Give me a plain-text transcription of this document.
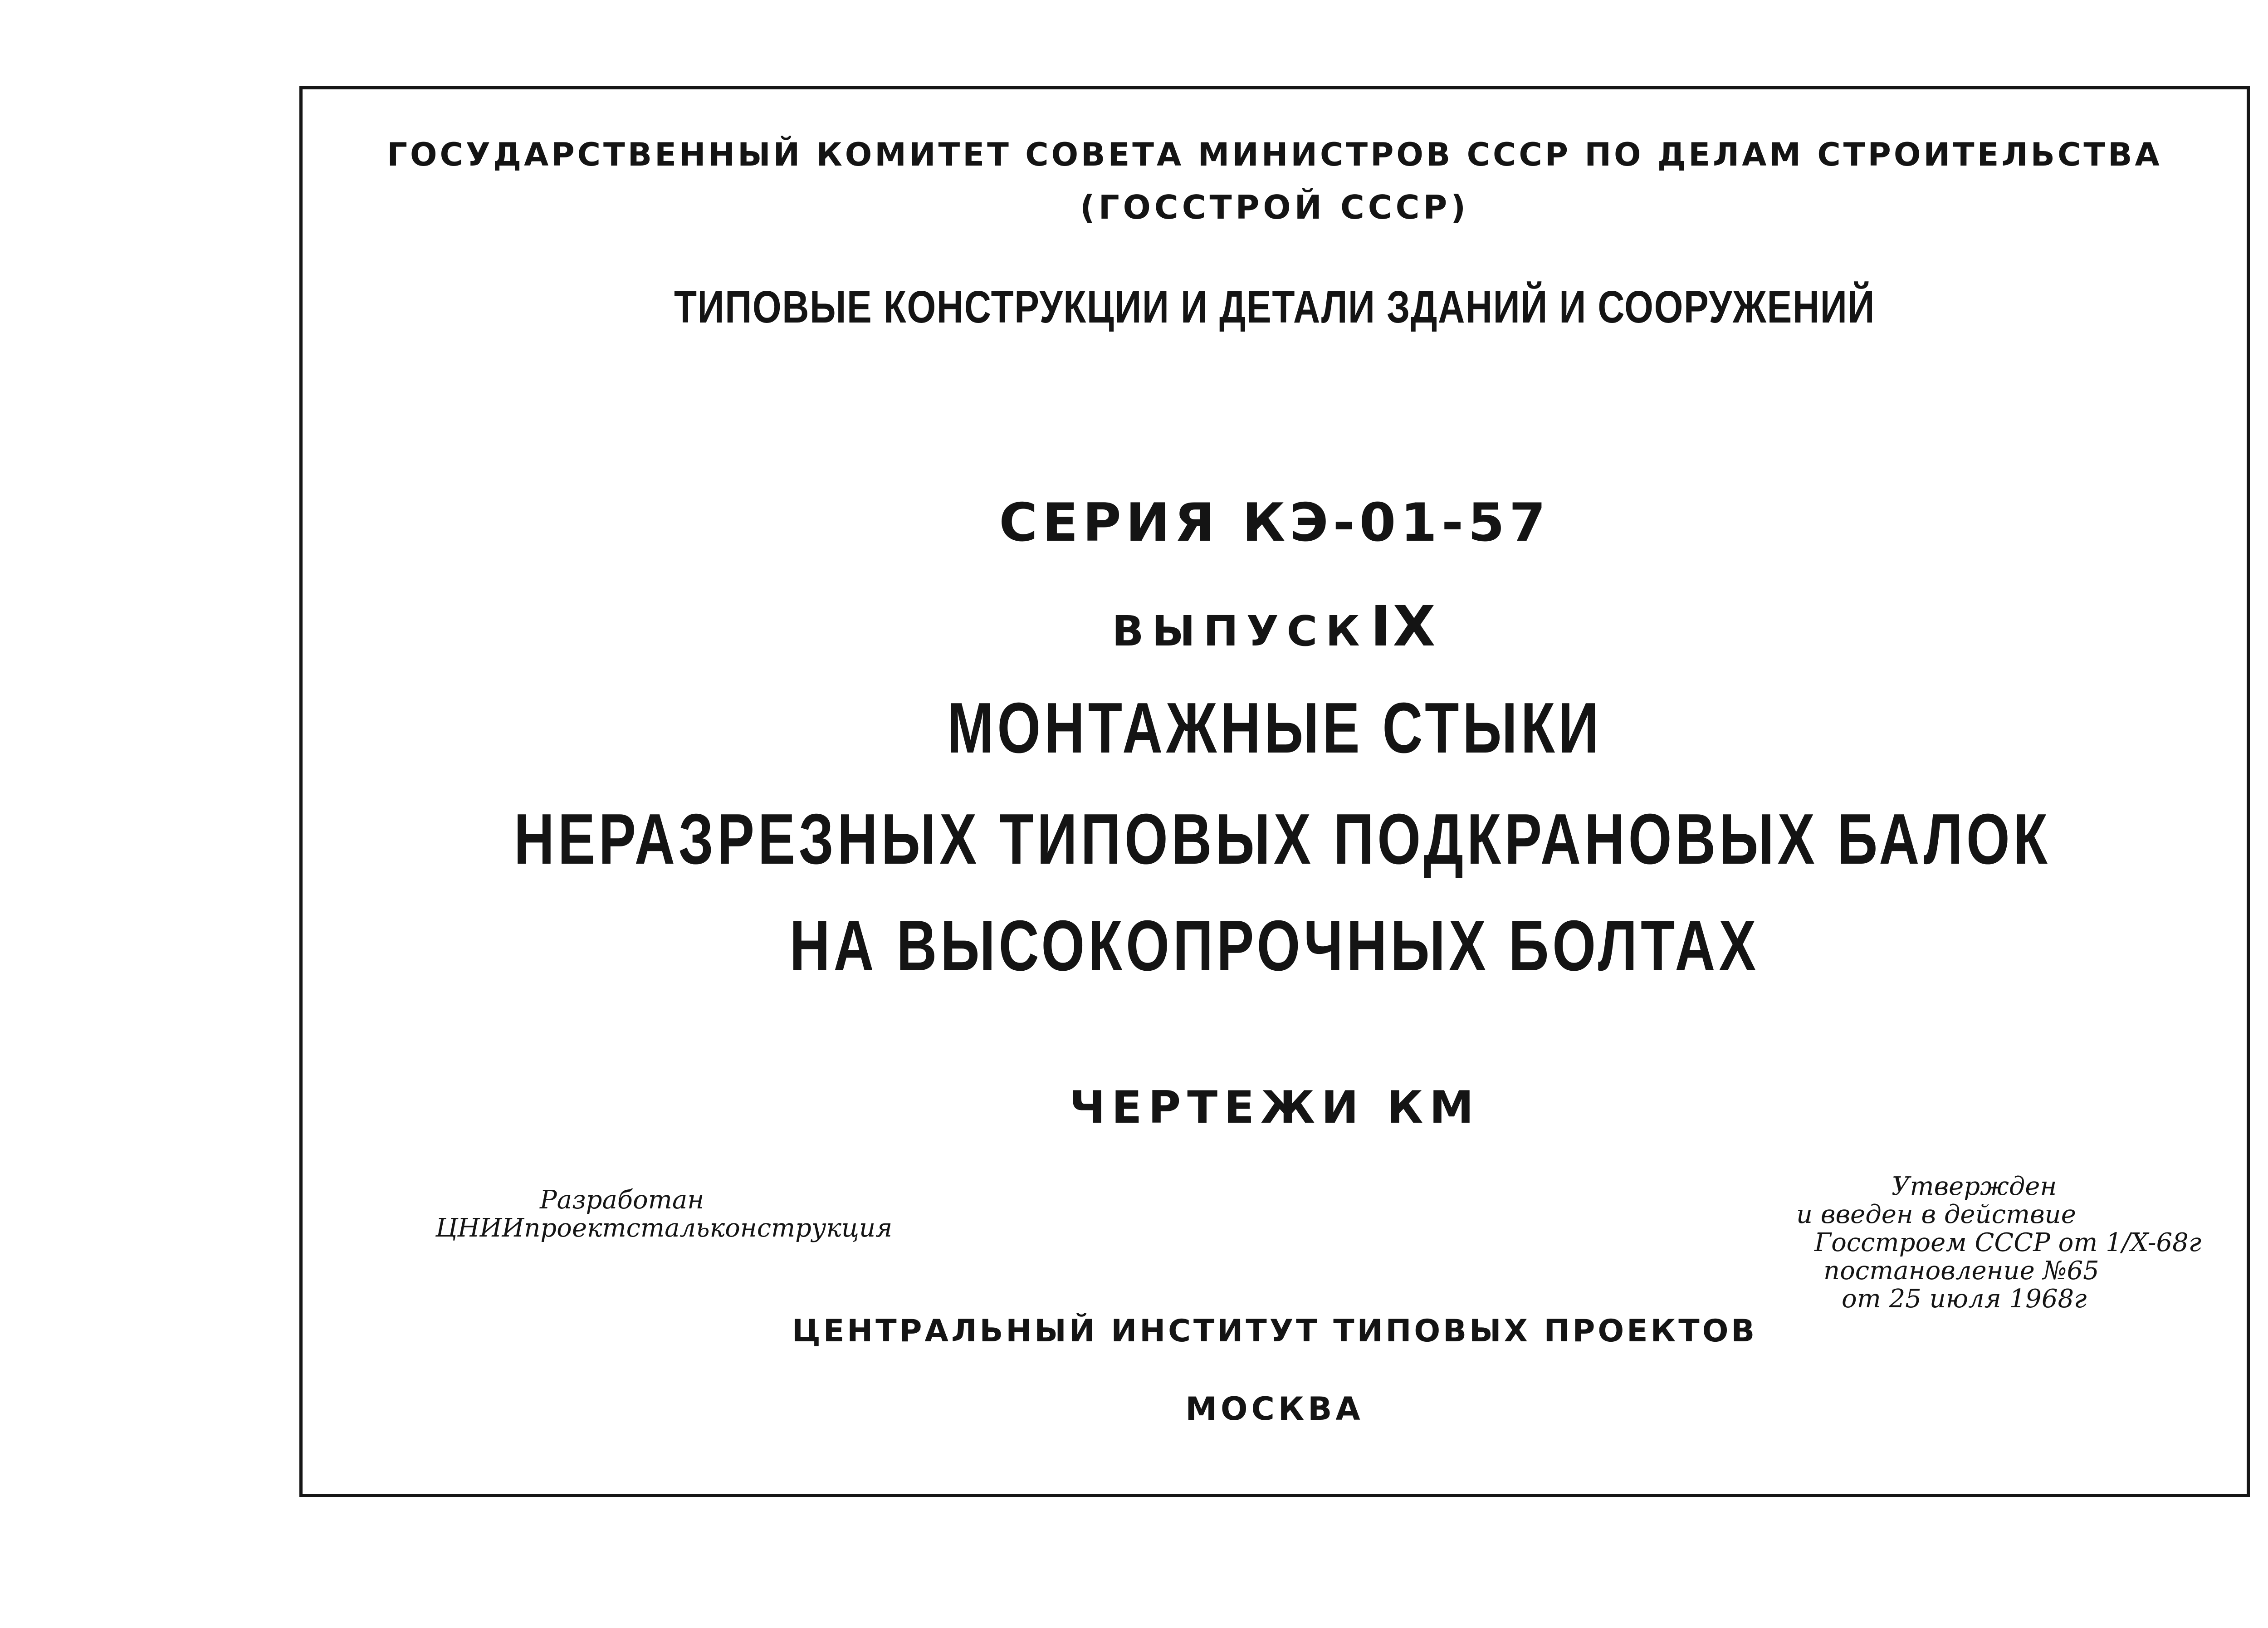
ГОСУДАРСТВЕННЫЙ КОМИТЕТ СОВЕТА МИНИСТРОВ СССР ПО ДЕЛАМ СТРОИТЕЛЬСТВА

(ГОССТРОЙ СССР)

ТИПОВЫЕ КОНСТРУКЦИИ И ДЕТАЛИ ЗДАНИЙ И СООРУЖЕНИЙ

СЕРИЯ КЭ-01-57

ВЫПУСК IX

МОНТАЖНЫЕ СТЫКИ

НЕРАЗРЕЗНЫХ ТИПОВЫХ ПОДКРАНОВЫХ БАЛОК

НА ВЫСОКОПРОЧНЫХ БОЛТАХ

ЧЕРТЕЖИ КМ

Разработан
ЦНИИпроектстальконструкция

Утвержден
и введен в действие
Госстроем СССР от 1/X-68г
постановление №65
от 25 июля 1968г

ЦЕНТРАЛЬНЫЙ ИНСТИТУТ ТИПОВЫХ ПРОЕКТОВ

МОСКВА
